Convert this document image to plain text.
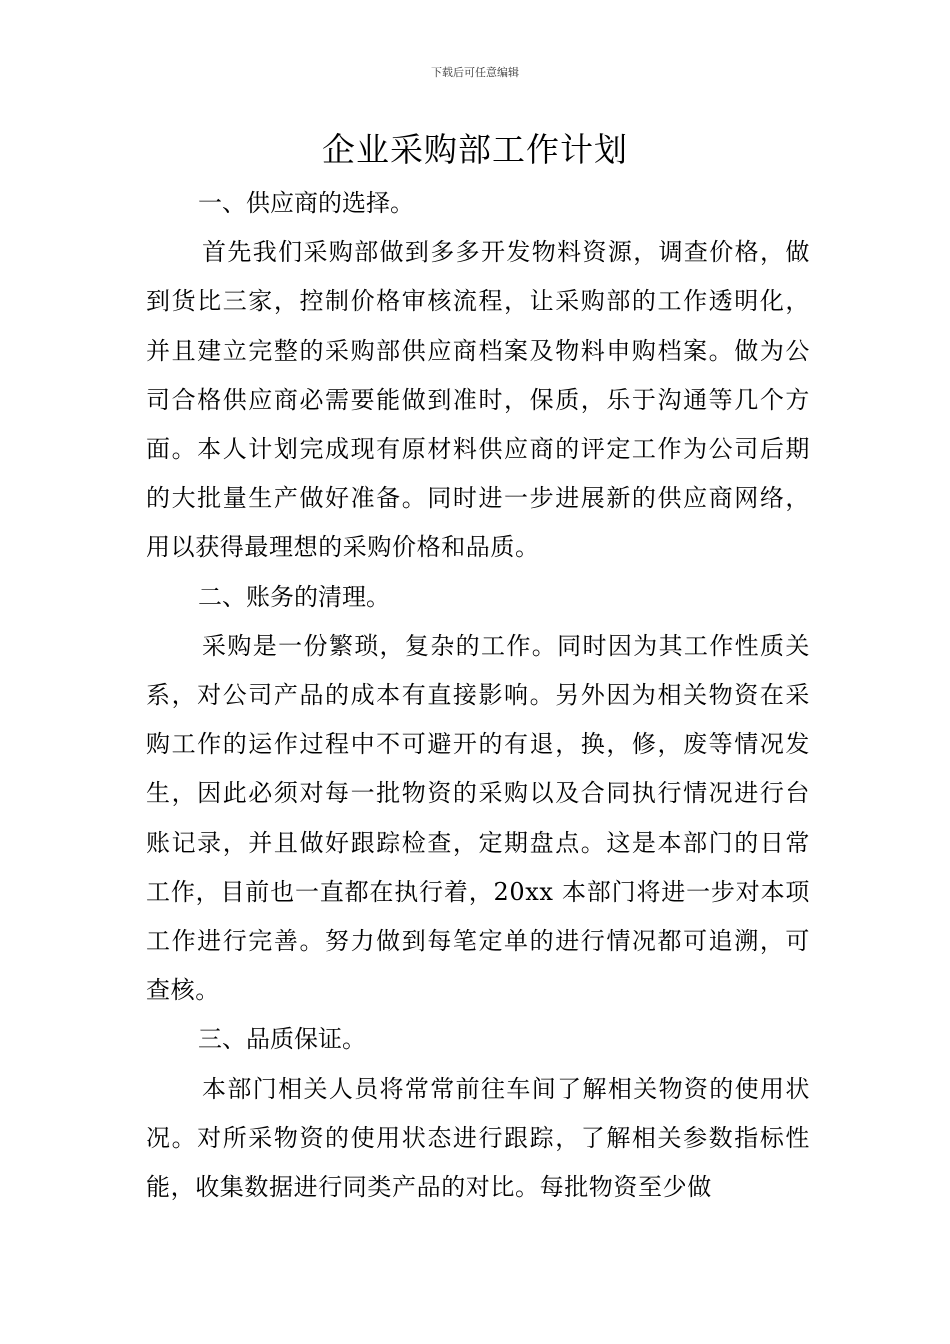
下载后可任意编辑
企业采购部工作计划
一、供应商的选择。

首先我们采购部做到多多开发物料资源，调查价格，做到货比三家，控制价格审核流程，让采购部的工作透明化，并且建立完整的采购部供应商档案及物料申购档案。做为公司合格供应商必需要能做到准时，保质，乐于沟通等几个方面。本人计划完成现有原材料供应商的评定工作为公司后期的大批量生产做好准备。同时进一步进展新的供应商网络，用以获得最理想的采购价格和品质。

二、账务的清理。

采购是一份繁琐，复杂的工作。同时因为其工作性质关系，对公司产品的成本有直接影响。另外因为相关物资在采购工作的运作过程中不可避开的有退，换，修，废等情况发生，因此必须对每一批物资的采购以及合同执行情况进行台账记录，并且做好跟踪检查，定期盘点。这是本部门的日常工作，目前也一直都在执行着，20xx 本部门将进一步对本项工作进行完善。努力做到每笔定单的进行情况都可追溯，可查核。

三、品质保证。

本部门相关人员将常常前往车间了解相关物资的使用状况。对所采物资的使用状态进行跟踪，了解相关参数指标性能，收集数据进行同类产品的对比。每批物资至少做
